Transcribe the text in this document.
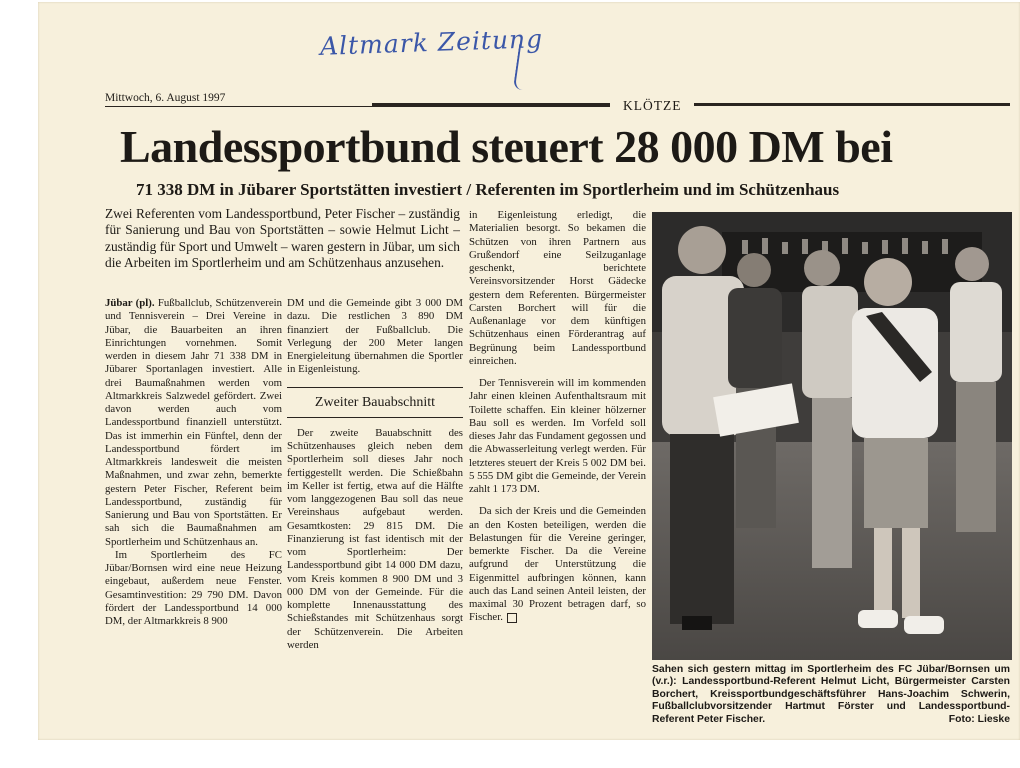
Altmark Zeitung
Mittwoch, 6. August 1997	KLÖTZE
Landessportbund steuert 28 000 DM bei
71 338 DM in Jübarer Sportstätten investiert / Referenten im Sportlerheim und im Schützenhaus
Zwei Referenten vom Landessportbund, Peter Fischer – zuständig für Sanierung und Bau von Sportstätten – sowie Helmut Licht – zuständig für Sport und Umwelt – waren gestern in Jübar, um sich die Arbeiten im Sportlerheim und am Schützenhaus anzusehen.

Jübar (pl). Fußballclub, Schützenverein und Tennisverein – Drei Vereine in Jübar, die Bauarbeiten an ihren Einrichtungen vornehmen. Somit werden in diesem Jahr 71 338 DM in Jübarer Sportanlagen investiert. Alle drei Baumaßnahmen werden vom Altmarkkreis Salzwedel gefördert. Zwei davon werden auch vom Landessportbund finanziell unterstützt. Das ist immerhin ein Fünftel, denn der Landessportbund fördert im Altmarkkreis landesweit die meisten Maßnahmen, und zwar zehn, bemerkte gestern Peter Fischer, Referent beim Landessportbund, zuständig für Sanierung und Bau von Sportstätten. Er sah sich die Baumaßnahmen am Sportlerheim und Schützenhaus an.

Im Sportlerheim des FC Jübar/Bornsen wird eine neue Heizung eingebaut, außerdem neue Fenster. Gesamtinvestition: 29 790 DM. Davon fördert der Landessportbund 14 000 DM, der Altmarkkreis 8 900

DM und die Gemeinde gibt 3 000 DM dazu. Die restlichen 3 890 DM finanziert der Fußballclub. Die Verlegung der 200 Meter langen Energieleitung übernahmen die Sportler in Eigenleistung.

Zweiter Bauabschnitt

Der zweite Bauabschnitt des Schützenhauses gleich neben dem Sportlerheim soll dieses Jahr noch fertiggestellt werden. Die Schießbahn im Keller ist fertig, etwa auf die Hälfte vom langgezogenen Bau soll das neue Vereinshaus aufgebaut werden. Gesamtkosten: 29 815 DM. Die Finanzierung ist fast identisch mit der vom Sportlerheim: Der Landessportbund gibt 14 000 DM dazu, vom Kreis kommen 8 900 DM und 3 000 DM von der Gemeinde. Für die komplette Innenausstattung des Schießstandes mit Schützenhaus sorgt der Schützenverein. Die Arbeiten werden

in Eigenleistung erledigt, die Materialien besorgt. So bekamen die Schützen von ihren Partnern aus Grußendorf eine Seilzuganlage geschenkt, berichtete Vereinsvorsitzender Horst Gädecke gestern dem Referenten. Bürgermeister Carsten Borchert will für die Außenanlage vor dem künftigen Schützenhaus einen Förderantrag auf Begrünung beim Landessportbund einreichen.

Der Tennisverein will im kommenden Jahr einen kleinen Aufenthaltsraum mit Toilette schaffen. Ein kleiner hölzerner Bau soll es werden. Im Vorfeld soll dieses Jahr das Fundament gegossen und die Abwasserleitung verlegt werden. Für letzteres steuert der Kreis 5 002 DM bei. 5 555 DM gibt die Gemeinde, der Verein zahlt 1 173 DM.

Da sich der Kreis und die Gemeinden an den Kosten beteiligen, werden die Belastungen für die Vereine geringer, bemerkte Fischer. Da die Vereine aufgrund der Unterstützung die Eigenmittel aufbringen können, kann auch das Land seinen Anteil leisten, der maximal 30 Prozent betragen darf, so Fischer.

Sahen sich gestern mittag im Sportlerheim des FC Jübar/Bornsen um (v.r.): Landessportbund-Referent Helmut Licht, Bürgermeister Carsten Borchert, Kreissportbundgeschäftsführer Hans-Joachim Schwerin, Fußballclubvorsitzender Hartmut Förster und Landessportbund-Referent Peter Fischer.	Foto: Lieske
